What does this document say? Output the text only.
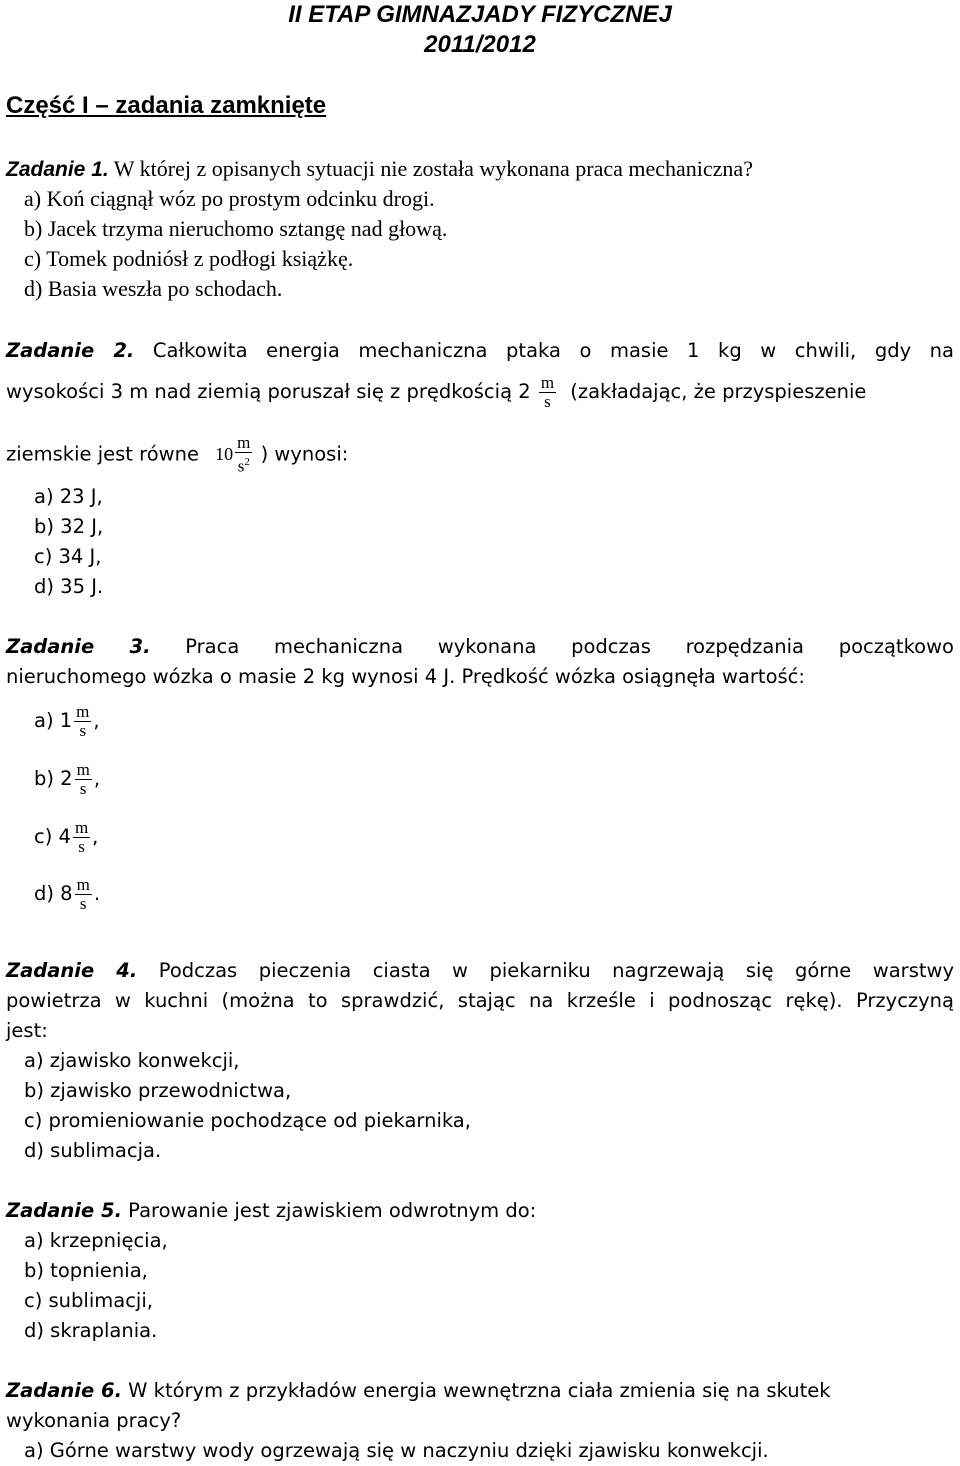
II ETAP GIMNAZJADY FIZYCZNEJ
2011/2012
Część I – zadania zamknięte
Zadanie 1. W której z opisanych sytuacji nie została wykonana praca mechaniczna?
a) Koń ciągnął wóz po prostym odcinku drogi.
b) Jacek trzyma nieruchomo sztangę nad głową.
c) Tomek podniósł z podłogi książkę.
d) Basia weszła po schodach.
Zadanie 2. Całkowita energia mechaniczna ptaka o masie 1 kg w chwili, gdy na
wysokości 3 m nad ziemią poruszał się z prędkością $2 \frac{m}{s}$ (zakładając, że przyspieszenie
ziemskie jest równe $10 \frac{m}{s^2}$ ) wynosi:
a) 23 J,
b) 32 J,
c) 34 J,
d) 35 J.
Zadanie 3. Praca mechaniczna wykonana podczas rozpędzania początkowo
nieruchomego wózka o masie 2 kg wynosi 4 J. Prędkość wózka osiągnęła wartość:
a) $1 \frac{m}{s}$ ,
b) $2 \frac{m}{s}$ ,
c) $4 \frac{m}{s}$ ,
d) $8 \frac{m}{s}$ .
Zadanie 4. Podczas pieczenia ciasta w piekarniku nagrzewają się górne warstwy
powietrza w kuchni (można to sprawdzić, stając na krześle i podnosząc rękę). Przyczyną
jest:
a) zjawisko konwekcji,
b) zjawisko przewodnictwa,
c) promieniowanie pochodzące od piekarnika,
d) sublimacja.
Zadanie 5. Parowanie jest zjawiskiem odwrotnym do:
a) krzepnięcia,
b) topnienia,
c) sublimacji,
d) skraplania.
Zadanie 6. W którym z przykładów energia wewnętrzna ciała zmienia się na skutek
wykonania pracy?
a) Górne warstwy wody ogrzewają się w naczyniu dzięki zjawisku konwekcji.
